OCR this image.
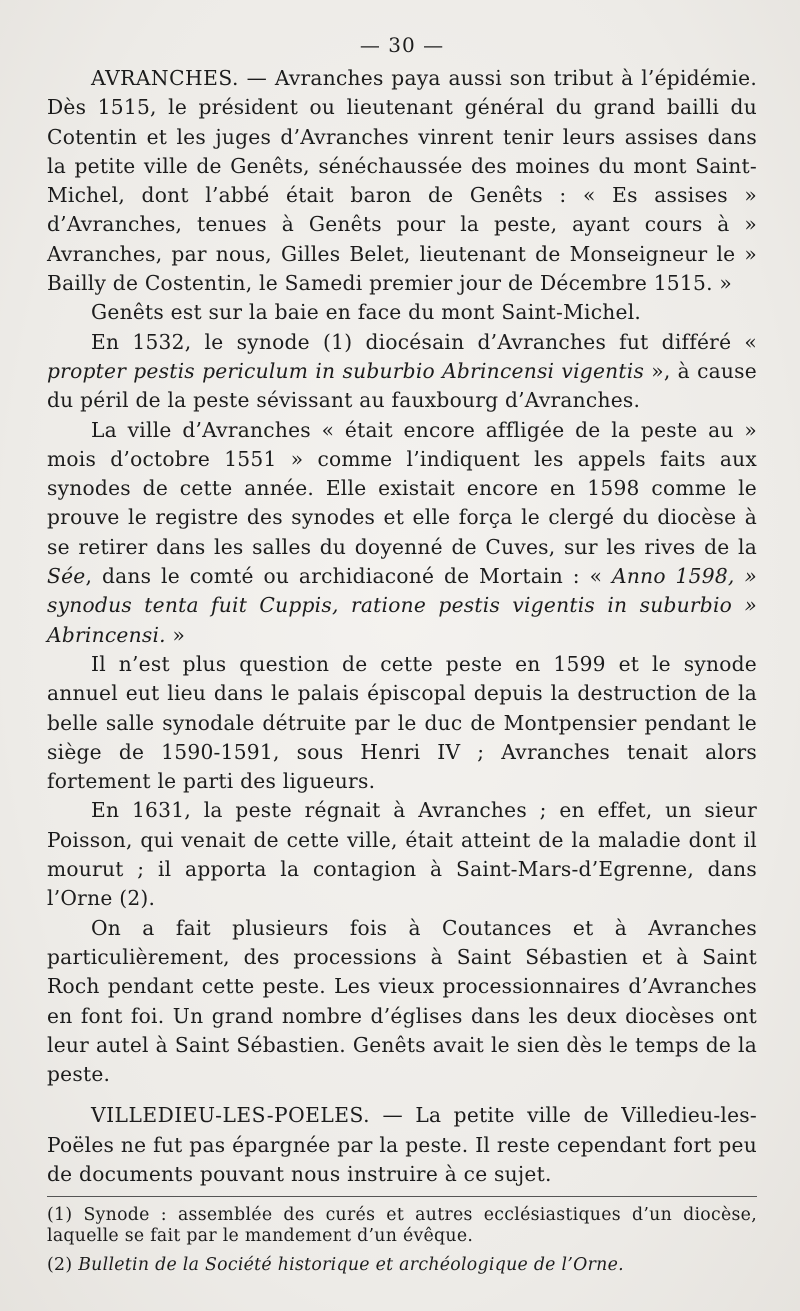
— 30 —

AVRANCHES. — Avranches paya aussi son tribut à l’épidémie. Dès 1515, le président ou lieutenant général du grand bailli du Cotentin et les juges d’Avranches vinrent tenir leurs assises dans la petite ville de Genêts, sénéchaussée des moines du mont Saint-Michel, dont l’abbé était baron de Genêts : « Es assises » d’Avranches, tenues à Genêts pour la peste, ayant cours à » Avranches, par nous, Gilles Belet, lieutenant de Monseigneur le » Bailly de Costentin, le Samedi premier jour de Décembre 1515. »

Genêts est sur la baie en face du mont Saint-Michel.

En 1532, le synode (1) diocésain d’Avranches fut différé « propter pestis periculum in suburbio Abrincensi vigentis », à cause du péril de la peste sévissant au fauxbourg d’Avranches.

La ville d’Avranches « était encore affligée de la peste au » mois d’octobre 1551 » comme l’indiquent les appels faits aux synodes de cette année. Elle existait encore en 1598 comme le prouve le registre des synodes et elle força le clergé du diocèse à se retirer dans les salles du doyenné de Cuves, sur les rives de la Sée, dans le comté ou archidiaconé de Mortain : « Anno 1598, » synodus tenta fuit Cuppis, ratione pestis vigentis in suburbio » Abrincensi. »

Il n’est plus question de cette peste en 1599 et le synode annuel eut lieu dans le palais épiscopal depuis la destruction de la belle salle synodale détruite par le duc de Montpensier pendant le siège de 1590-1591, sous Henri IV ; Avranches tenait alors fortement le parti des ligueurs.

En 1631, la peste régnait à Avranches ; en effet, un sieur Poisson, qui venait de cette ville, était atteint de la maladie dont il mourut ; il apporta la contagion à Saint-Mars-d’Egrenne, dans l’Orne (2).

On a fait plusieurs fois à Coutances et à Avranches particulièrement, des processions à Saint Sébastien et à Saint Roch pendant cette peste. Les vieux processionnaires d’Avranches en font foi. Un grand nombre d’églises dans les deux diocèses ont leur autel à Saint Sébastien. Genêts avait le sien dès le temps de la peste.

VILLEDIEU-LES-POELES. — La petite ville de Villedieu-les-Poëles ne fut pas épargnée par la peste. Il reste cependant fort peu de documents pouvant nous instruire à ce sujet.

(1) Synode : assemblée des curés et autres ecclésiastiques d’un diocèse, laquelle se fait par le mandement d’un évêque.

(2) Bulletin de la Société historique et archéologique de l’Orne.
